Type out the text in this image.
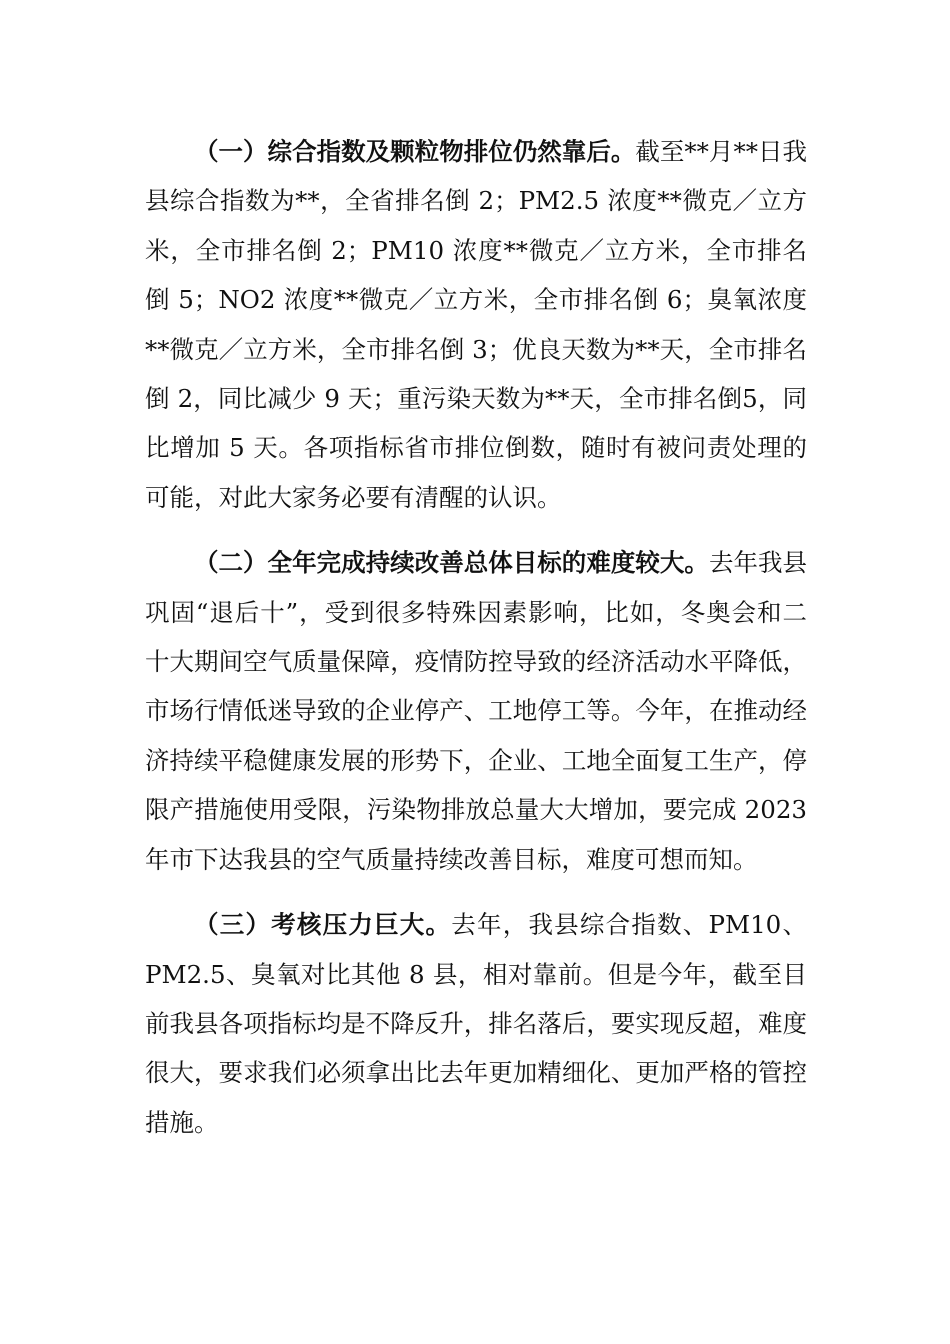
（一）综合指数及颗粒物排位仍然靠后。截至**月**日我县综合指数为**，全省排名倒 2；PM2.5 浓度**微克／立方米，全市排名倒 2；PM10 浓度**微克／立方米，全市排名倒 5；NO2 浓度**微克／立方米，全市排名倒 6；臭氧浓度**微克／立方米，全市排名倒 3；优良天数为**天，全市排名倒 2，同比减少 9 天；重污染天数为**天，全市排名倒5，同比增加 5 天。各项指标省市排位倒数，随时有被问责处理的可能，对此大家务必要有清醒的认识。

（二）全年完成持续改善总体目标的难度较大。去年我县巩固“退后十”，受到很多特殊因素影响，比如，冬奥会和二十大期间空气质量保障，疫情防控导致的经济活动水平降低，市场行情低迷导致的企业停产、工地停工等。今年，在推动经济持续平稳健康发展的形势下，企业、工地全面复工生产，停限产措施使用受限，污染物排放总量大大增加，要完成 2023 年市下达我县的空气质量持续改善目标，难度可想而知。

（三）考核压力巨大。去年，我县综合指数、PM10、PM2.5、臭氧对比其他 8 县，相对靠前。但是今年，截至目前我县各项指标均是不降反升，排名落后，要实现反超，难度很大，要求我们必须拿出比去年更加精细化、更加严格的管控措施。
